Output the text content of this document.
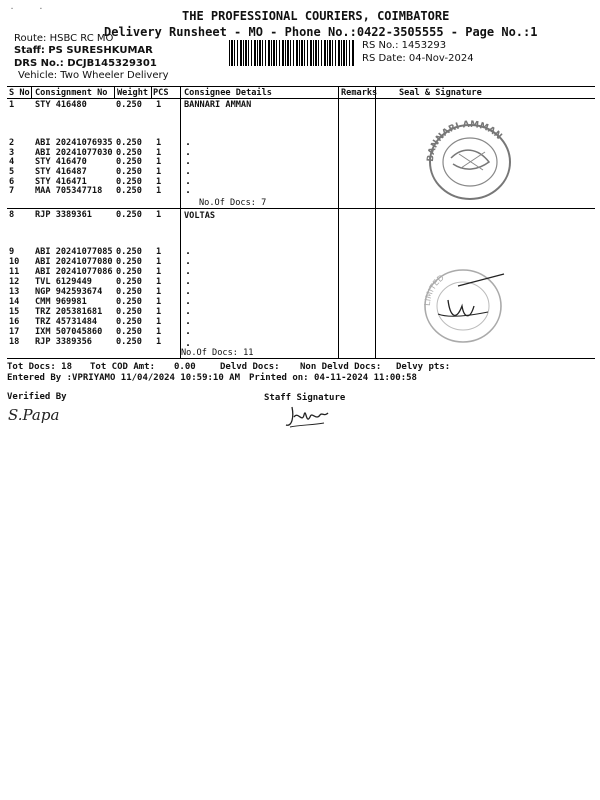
.     .
THE PROFESSIONAL COURIERS, COIMBATORE
Delivery Runsheet - MO - Phone No.:0422-3505555 - Page No.:1
Route: HSBC RC MO
Staff: PS SURESHKUMAR
DRS No.: DCJB145329301
Vehicle: Two Wheeler Delivery
RS No.: 1453293
RS Date: 04-Nov-2024
S No Consignment No Weight PCS Consignee Details	Remarks	Seal & Signature
1 STY 416480	0.250 1	BANNARI AMMAN
2 ABI 20241076935 0.250 1 .
3 ABI 20241077030 0.250 1 .
4 STY 416470	0.250 1 .
5 STY 416487	0.250 1 .
6 STY 416471	0.250 1 .
7 MAA 705347718 0.250 1 .
No.Of Docs: 7
8 RJP 3389361	0.250 1	VOLTAS
9 ABI 20241077085 0.250 1 .
10 ABI 20241077080 0.250 1 .
11 ABI 20241077086 0.250 1 .
12 TVL 6129449	0.250 1 .
13 NGP 942593674 0.250 1 .
14 CMM 969981	0.250 1 .
15 TRZ 205381681 0.250 1 .
16 TRZ 45731484 0.250 1 .
17 IXM 507045860 0.250 1 .
18 RJP 3389356	0.250 1 .
No.Of Docs: 11
BANNARI AMMAN
LIMITED
Tot Docs: 18 Tot COD Amt: 0.00	Delvd Docs: Non Delvd Docs: Delvy pts:
Entered By :VPRIYAMO 11/04/2024 10:59:10 AM Printed on: 04-11-2024 11:00:58
Verified By	Staff Signature
S.Papa
